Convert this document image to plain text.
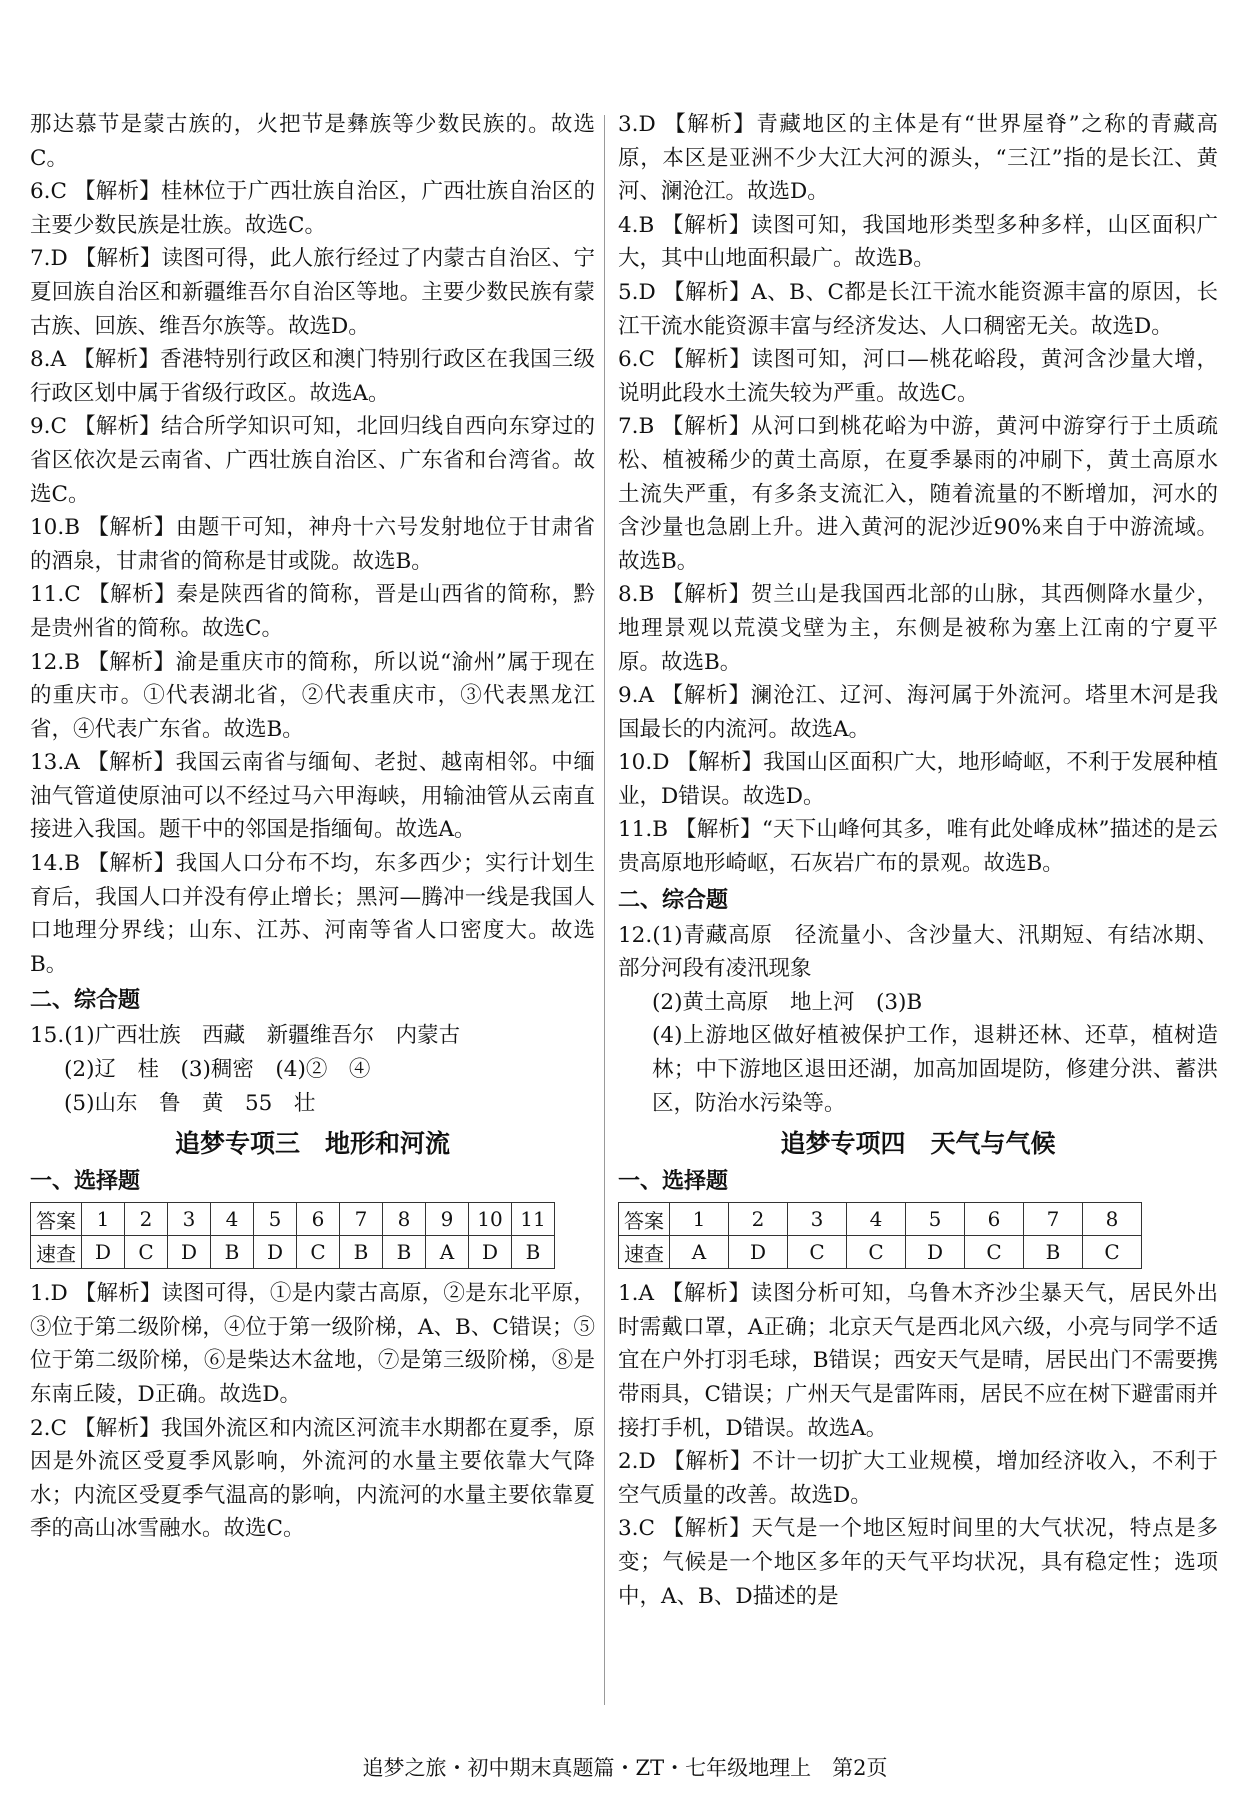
那达慕节是蒙古族的，火把节是彝族等少数民族的。故选C。

6.C 【解析】桂林位于广西壮族自治区，广西壮族自治区的主要少数民族是壮族。故选C。

7.D 【解析】读图可得，此人旅行经过了内蒙古自治区、宁夏回族自治区和新疆维吾尔自治区等地。主要少数民族有蒙古族、回族、维吾尔族等。故选D。

8.A 【解析】香港特别行政区和澳门特别行政区在我国三级行政区划中属于省级行政区。故选A。

9.C 【解析】结合所学知识可知，北回归线自西向东穿过的省区依次是云南省、广西壮族自治区、广东省和台湾省。故选C。

10.B 【解析】由题干可知，神舟十六号发射地位于甘肃省的酒泉，甘肃省的简称是甘或陇。故选B。

11.C 【解析】秦是陕西省的简称，晋是山西省的简称，黔是贵州省的简称。故选C。

12.B 【解析】渝是重庆市的简称，所以说“渝州”属于现在的重庆市。①代表湖北省，②代表重庆市，③代表黑龙江省，④代表广东省。故选B。

13.A 【解析】我国云南省与缅甸、老挝、越南相邻。中缅油气管道使原油可以不经过马六甲海峡，用输油管从云南直接进入我国。题干中的邻国是指缅甸。故选A。

14.B 【解析】我国人口分布不均，东多西少；实行计划生育后，我国人口并没有停止增长；黑河—腾冲一线是我国人口地理分界线；山东、江苏、河南等省人口密度大。故选B。

二、综合题

15.(1)广西壮族　西藏　新疆维吾尔　内蒙古

(2)辽　桂　(3)稠密　(4)②　④

(5)山东　鲁　黄　55　壮

追梦专项三　地形和河流
一、选择题
答案	1	2	3	4	5	6	7	8	9	10	11
速查	D	C	D	B	D	C	B	B	A	D	B

1.D 【解析】读图可得，①是内蒙古高原，②是东北平原，③位于第二级阶梯，④位于第一级阶梯，A、B、C错误；⑤位于第二级阶梯，⑥是柴达木盆地，⑦是第三级阶梯，⑧是东南丘陵，D正确。故选D。

2.C 【解析】我国外流区和内流区河流丰水期都在夏季，原因是外流区受夏季风影响，外流河的水量主要依靠大气降水；内流区受夏季气温高的影响，内流河的水量主要依靠夏季的高山冰雪融水。故选C。

3.D 【解析】青藏地区的主体是有“世界屋脊”之称的青藏高原，本区是亚洲不少大江大河的源头，“三江”指的是长江、黄河、澜沧江。故选D。

4.B 【解析】读图可知，我国地形类型多种多样，山区面积广大，其中山地面积最广。故选B。

5.D 【解析】A、B、C都是长江干流水能资源丰富的原因，长江干流水能资源丰富与经济发达、人口稠密无关。故选D。

6.C 【解析】读图可知，河口—桃花峪段，黄河含沙量大增，说明此段水土流失较为严重。故选C。

7.B 【解析】从河口到桃花峪为中游，黄河中游穿行于土质疏松、植被稀少的黄土高原，在夏季暴雨的冲刷下，黄土高原水土流失严重，有多条支流汇入，随着流量的不断增加，河水的含沙量也急剧上升。进入黄河的泥沙近90%来自于中游流域。故选B。

8.B 【解析】贺兰山是我国西北部的山脉，其西侧降水量少，地理景观以荒漠戈壁为主，东侧是被称为塞上江南的宁夏平原。故选B。

9.A 【解析】澜沧江、辽河、海河属于外流河。塔里木河是我国最长的内流河。故选A。

10.D 【解析】我国山区面积广大，地形崎岖，不利于发展种植业，D错误。故选D。

11.B 【解析】“天下山峰何其多，唯有此处峰成林”描述的是云贵高原地形崎岖，石灰岩广布的景观。故选B。

二、综合题

12.(1)青藏高原　径流量小、含沙量大、汛期短、有结冰期、部分河段有凌汛现象

(2)黄土高原　地上河　(3)B

(4)上游地区做好植被保护工作，退耕还林、还草，植树造林；中下游地区退田还湖，加高加固堤防，修建分洪、蓄洪区，防治水污染等。

追梦专项四　天气与气候
一、选择题
答案	1	2	3	4	5	6	7	8
速查	A	D	C	C	D	C	B	C

1.A 【解析】读图分析可知，乌鲁木齐沙尘暴天气，居民外出时需戴口罩，A正确；北京天气是西北风六级，小亮与同学不适宜在户外打羽毛球，B错误；西安天气是晴，居民出门不需要携带雨具，C错误；广州天气是雷阵雨，居民不应在树下避雷雨并接打手机，D错误。故选A。

2.D 【解析】不计一切扩大工业规模，增加经济收入，不利于空气质量的改善。故选D。

3.C 【解析】天气是一个地区短时间里的大气状况，特点是多变；气候是一个地区多年的天气平均状况，具有稳定性；选项中，A、B、D描述的是

追梦之旅・初中期末真题篇・ZT・七年级地理上　第2页
